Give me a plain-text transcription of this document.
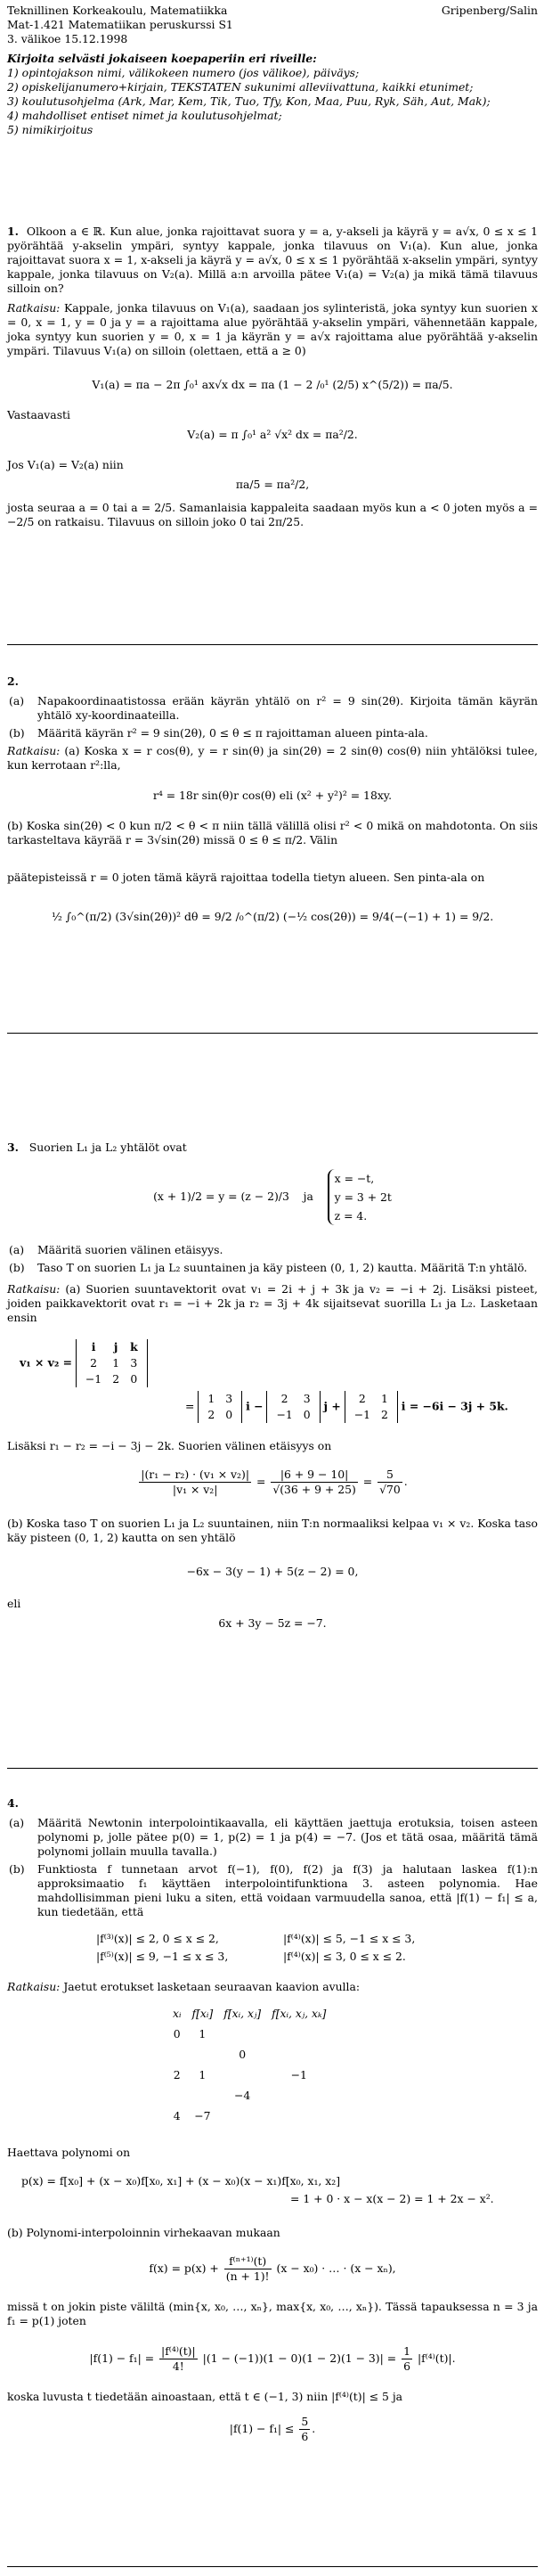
Teknillinen Korkeakoulu, Matematiikka	Gripenberg/Salin
Mat-1.421 Matematiikan peruskurssi S1
3. välikoe 15.12.1998
Kirjoita selvästi jokaiseen koepaperiin eri riveille:
1) opintojakson nimi, välikokeen numero (jos välikoe), päiväys;
2) opiskelijanumero+kirjain, TEKSTATEN sukunimi alleviivattuna, kaikki etunimet;
3) koulutusohjelma (Ark, Mar, Kem, Tik, Tuo, Tfy, Kon, Maa, Puu, Ryk, Säh, Aut, Mak);
4) mahdolliset entiset nimet ja koulutusohjelmat;
5) nimikirjoitus
1. Olkoon a ∈ ℝ. Kun alue, jonka rajoittavat suora y = a, y-akseli ja käyrä y = a√x, 0 ≤ x ≤ 1 pyörähtää y-akselin ympäri, syntyy kappale, jonka tilavuus on V₁(a). Kun alue, jonka rajoittavat suora x = 1, x-akseli ja käyrä y = a√x, 0 ≤ x ≤ 1 pyörähtää x-akselin ympäri, syntyy kappale, jonka tilavuus on V₂(a). Millä a:n arvoilla pätee V₁(a) = V₂(a) ja mikä tämä tilavuus silloin on?
Ratkaisu: Kappale, jonka tilavuus on V₁(a), saadaan jos sylinteristä, joka syntyy kun suorien x = 0, x = 1, y = 0 ja y = a rajoittama alue pyörähtää y-akselin ympäri, vähennetään kappale, joka syntyy kun suorien y = 0, x = 1 ja käyrän y = a√x rajoittama alue pyörähtää y-akselin ympäri. Tilavuus V₁(a) on silloin (olettaen, että a ≥ 0)
V₁(a) = πa − 2π ∫₀¹ ax√x dx = πa (1 − 2 /₀¹ (2/5) x^(5/2)) = πa/5.
Vastaavasti
V₂(a) = π ∫₀¹ a² √x² dx = πa²/2.
Jos V₁(a) = V₂(a) niin
πa/5 = πa²/2,
josta seuraa a = 0 tai a = 2/5. Samanlaisia kappaleita saadaan myös kun a < 0 joten myös a = −2/5 on ratkaisu. Tilavuus on silloin joko 0 tai 2π/25.
2.
(a)	Napakoordinaatistossa erään käyrän yhtälö on r² = 9 sin(2θ). Kirjoita tämän käyrän yhtälö xy-koordinaateilla.
(b)	Määritä käyrän r² = 9 sin(2θ), 0 ≤ θ ≤ π rajoittaman alueen pinta-ala.
Ratkaisu: (a) Koska x = r cos(θ), y = r sin(θ) ja sin(2θ) = 2 sin(θ) cos(θ) niin yhtälöksi tulee, kun kerrotaan r²:lla,
r⁴ = 18r sin(θ)r cos(θ) eli (x² + y²)² = 18xy.
(b) Koska sin(2θ) < 0 kun π/2 < θ < π niin tällä välillä olisi r² < 0 mikä on mahdotonta. On siis tarkasteltava käyrää r = 3√sin(2θ) missä 0 ≤ θ ≤ π/2. Välin
päätepisteissä r = 0 joten tämä käyrä rajoittaa todella tietyn alueen. Sen pinta-ala on
½ ∫₀^(π/2) (3√sin(2θ))² dθ = 9/2 /₀^(π/2) (−½ cos(2θ)) = 9/4(−(−1) + 1) = 9/2.
3. Suorien L₁ ja L₂ yhtälöt ovat
(x + 1)/2 = y = (z − 2)/3 ja
x = −t,
y = 3 + 2t
z = 4.
(a)	Määritä suorien välinen etäisyys.
(b)	Taso T on suorien L₁ ja L₂ suuntainen ja käy pisteen (0, 1, 2) kautta. Määritä T:n yhtälö.
Ratkaisu: (a) Suorien suuntavektorit ovat v₁ = 2i + j + 3k ja v₂ = −i + 2j. Lisäksi pisteet, joiden paikkavektorit ovat r₁ = −i + 2k ja r₂ = 3j + 4k sijaitsevat suorilla L₁ ja L₂. Lasketaan ensin
v₁ × v₂ =
i	j	k
2	1	3
−1	2	0
=
1	3
2	0
i −
2	3
−1	0
j +
2	1
−1	2
i = −6i − 3j + 5k.
Lisäksi r₁ − r₂ = −i − 3j − 2k. Suorien välinen etäisyys on
$\frac{\text{|(r₁ − r₂) · (v₁ × v₂)|}}{\text{|v₁ × v₂|}} = \frac{|6 + 9 - 10|}{√(36 + 9 + 25)} = \frac{5}{√70}$ .
(b) Koska taso T on suorien L₁ ja L₂ suuntainen, niin T:n normaaliksi kelpaa v₁ × v₂. Koska taso käy pisteen (0, 1, 2) kautta on sen yhtälö
−6x − 3(y − 1) + 5(z − 2) = 0,
eli
6x + 3y − 5z = −7.
4.
(a)	Määritä Newtonin interpolointikaavalla, eli käyttäen jaettuja erotuksia, toisen asteen polynomi p, jolle pätee p(0) = 1, p(2) = 1 ja p(4) = −7. (Jos et tätä osaa, määritä tämä polynomi jollain muulla tavalla.)
(b)	Funktiosta f tunnetaan arvot f(−1), f(0), f(2) ja f(3) ja halutaan laskea f(1):n approksimaatio f₁ käyttäen interpolointifunktiona 3. asteen polynomia. Hae mahdollisimman pieni luku a siten, että voidaan varmuudella sanoa, että |f(1) − f₁| ≤ a, kun tiedetään, että
|f⁽³⁾(x)| ≤ 2, 0 ≤ x ≤ 2,	|f⁽⁴⁾(x)| ≤ 5, −1 ≤ x ≤ 3,
|f⁽⁵⁾(x)| ≤ 9, −1 ≤ x ≤ 3,	|f⁽⁴⁾(x)| ≤ 3, 0 ≤ x ≤ 2.
Ratkaisu: Jaetut erotukset lasketaan seuraavan kaavion avulla:
xᵢ	f[xᵢ]	f[xᵢ, xⱼ]	f[xᵢ, xⱼ, xₖ]
0	1		
		0	
2	1		−1
		−4	
4	−7		
Haettava polynomi on
p(x) = f[x₀] + (x − x₀)f[x₀, x₁] + (x − x₀)(x − x₁)f[x₀, x₁, x₂]
= 1 + 0 · x − x(x − 2) = 1 + 2x − x².
(b) Polynomi-interpoloinnin virhekaavan mukaan
$f(x) = p(x) + \frac{\text{f⁽ⁿ⁺¹⁾(t)}}{(n + 1)!} (x - x_0)$ · … · (x − xₙ),
missä t on jokin piste väliltä (min{x, x₀, …, xₙ}, max{x, x₀, …, xₙ}). Tässä tapauksessa n = 3 ja f₁ = p(1) joten
$|f(1) - f_1| = \frac{\text{|f⁽⁴⁾(t)|}}{4!} |(1 - (-1))(1 - 0)(1 - 2)(1 - 3)| = \frac{1}{6} |f^{(4)}(t)|$.
koska luvusta t tiedetään ainoastaan, että t ∈ (−1, 3) niin |f⁽⁴⁾(t)| ≤ 5 ja
$|f(1) - f_1| \le \frac{5}{6}$ .
